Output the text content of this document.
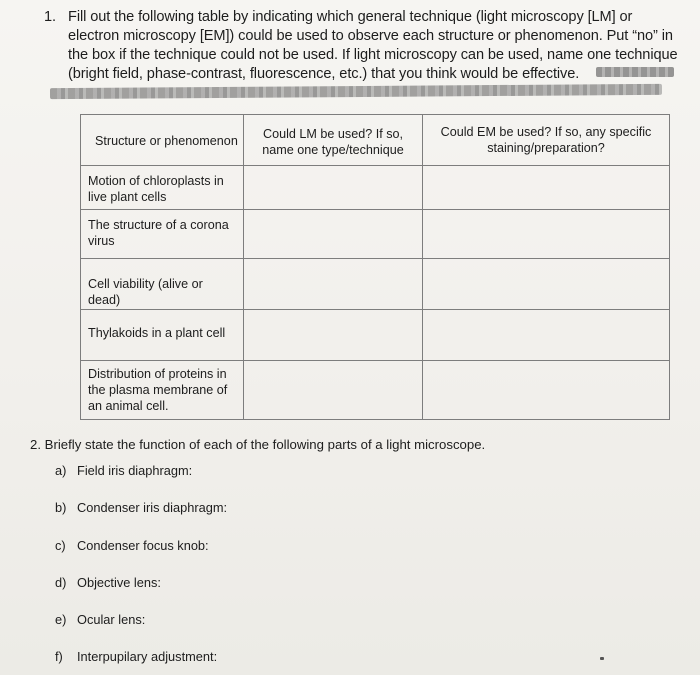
1. Fill out the following table by indicating which general technique (light microscopy [LM] or electron microscopy [EM]) could be used to observe each structure or phenomenon. Put “no” in the box if the technique could not be used. If light microscopy can be used, name one technique (bright field, phase-contrast, fluorescence, etc.) that you think would be effective.
Structure or phenomenon	Could LM be used? If so, name one type/technique	Could EM be used? If so, any specific staining/preparation?

Motion of chloroplasts in live plant cells		

The structure of a corona virus		

Cell viability (alive or dead)		

Thylakoids in a plant cell		

Distribution of proteins in the plasma membrane of an animal cell.		

2. Briefly state the function of each of the following parts of a light microscope.
a) Field iris diaphragm:
b) Condenser iris diaphragm:
c) Condenser focus knob:
d) Objective lens:
e) Ocular lens:
f) Interpupilary adjustment:
